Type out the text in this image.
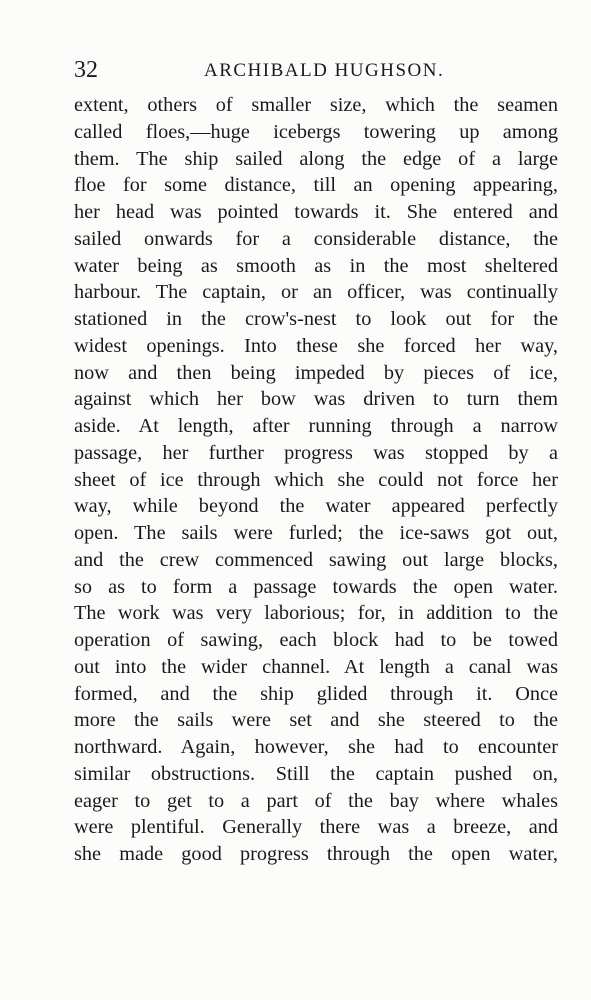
32	ARCHIBALD HUGHSON.
extent, others of smaller size, which the seamen
called floes,—huge icebergs towering up among
them. The ship sailed along the edge of a large
floe for some distance, till an opening appearing,
her head was pointed towards it. She entered and
sailed onwards for a considerable distance, the
water being as smooth as in the most sheltered
harbour. The captain, or an officer, was continually
stationed in the crow's-nest to look out for the
widest openings. Into these she forced her way,
now and then being impeded by pieces of ice,
against which her bow was driven to turn them
aside. At length, after running through a narrow
passage, her further progress was stopped by a
sheet of ice through which she could not force her
way, while beyond the water appeared perfectly
open. The sails were furled; the ice-saws got out,
and the crew commenced sawing out large blocks,
so as to form a passage towards the open water.
The work was very laborious; for, in addition to the
operation of sawing, each block had to be towed
out into the wider channel. At length a canal was
formed, and the ship glided through it. Once
more the sails were set and she steered to the
northward. Again, however, she had to encounter
similar obstructions. Still the captain pushed on,
eager to get to a part of the bay where whales
were plentiful. Generally there was a breeze, and
she made good progress through the open water,
